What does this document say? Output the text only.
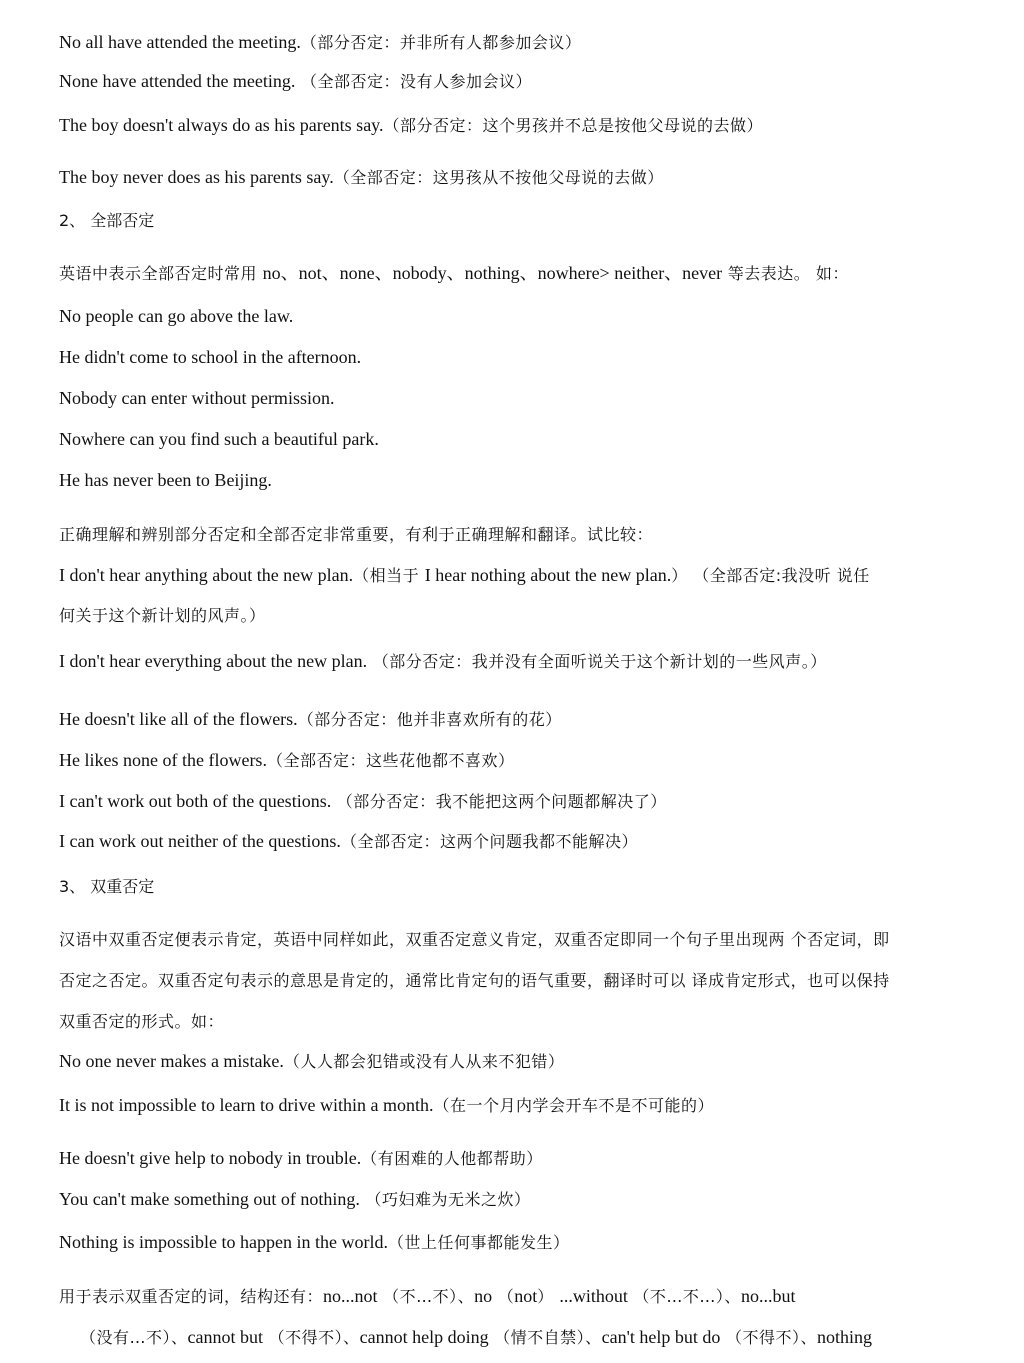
No all have attended the meeting.（部分否定：并非所有人都参加会议）
None have attended the meeting. （全部否定：没有人参加会议）
The boy doesn't always do as his parents say.（部分否定：这个男孩并不总是按他父母说的去做）
The boy never does as his parents say.（全部否定：这男孩从不按他父母说的去做）
2、 全部否定
英语中表示全部否定时常用 no、not、none、nobody、nothing、nowhere> neither、never 等去表达。 如：
No people can go above the law.
He didn't come to school in the afternoon.
Nobody can enter without permission.
Nowhere can you find such a beautiful park.
He has never been to Beijing.
正确理解和辨别部分否定和全部否定非常重要，有利于正确理解和翻译。试比较：
I don't hear anything about the new plan.（相当于 I hear nothing about the new plan.） （全部否定:我没听 说任
何关于这个新计划的风声。）
I don't hear everything about the new plan. （部分否定：我并没有全面听说关于这个新计划的一些风声。）
He doesn't like all of the flowers.（部分否定：他并非喜欢所有的花）
He likes none of the flowers.（全部否定：这些花他都不喜欢）
I can't work out both of the questions. （部分否定：我不能把这两个问题都解决了）
I can work out neither of the questions.（全部否定：这两个问题我都不能解决）
3、 双重否定
汉语中双重否定便表示肯定，英语中同样如此，双重否定意义肯定，双重否定即同一个句子里出现两 个否定词，即
否定之否定。双重否定句表示的意思是肯定的，通常比肯定句的语气重要，翻译时可以 译成肯定形式，也可以保持
双重否定的形式。如：
No one never makes a mistake.（人人都会犯错或没有人从来不犯错）
It is not impossible to learn to drive within a month.（在一个月内学会开车不是不可能的）
He doesn't give help to nobody in trouble.（有困难的人他都帮助）
You can't make something out of nothing. （巧妇难为无米之炊）
Nothing is impossible to happen in the world.（世上任何事都能发生）
用于表示双重否定的词，结构还有：no...not （不…不）、no （not） ...without （不…不…）、no...but
（没有…不）、cannot but （不得不）、cannot help doing （情不自禁）、can't help but do （不得不）、nothing
